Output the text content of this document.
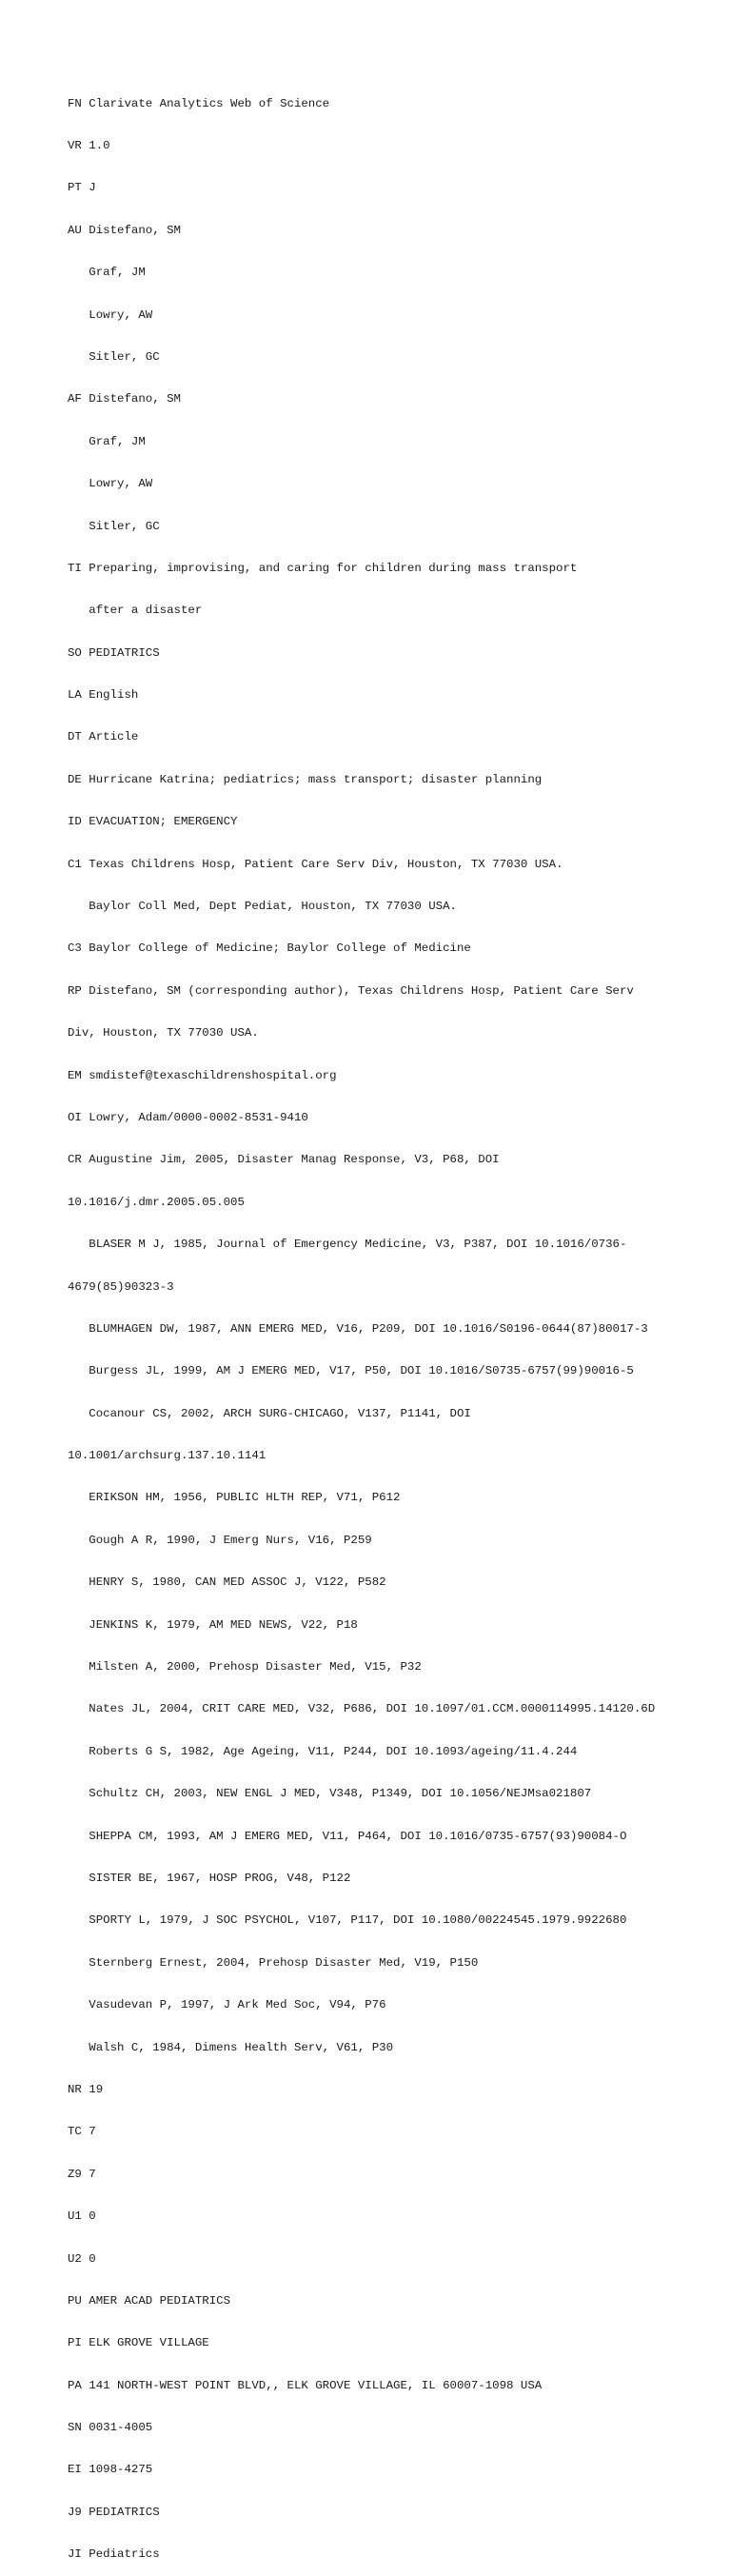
FN Clarivate Analytics Web of Science

VR 1.0

PT J

AU Distefano, SM

Graf, JM

Lowry, AW

Sitler, GC

AF Distefano, SM

Graf, JM

Lowry, AW

Sitler, GC

TI Preparing, improvising, and caring for children during mass transport

after a disaster

SO PEDIATRICS

LA English

DT Article

DE Hurricane Katrina; pediatrics; mass transport; disaster planning

ID EVACUATION; EMERGENCY

C1 Texas Childrens Hosp, Patient Care Serv Div, Houston, TX 77030 USA.

Baylor Coll Med, Dept Pediat, Houston, TX 77030 USA.

C3 Baylor College of Medicine; Baylor College of Medicine

RP Distefano, SM (corresponding author), Texas Childrens Hosp, Patient Care Serv

Div, Houston, TX 77030 USA.

EM smdistef@texaschildrenshospital.org

OI Lowry, Adam/0000-0002-8531-9410

CR Augustine Jim, 2005, Disaster Manag Response, V3, P68, DOI

10.1016/j.dmr.2005.05.005

BLASER M J, 1985, Journal of Emergency Medicine, V3, P387, DOI 10.1016/0736-

4679(85)90323-3

BLUMHAGEN DW, 1987, ANN EMERG MED, V16, P209, DOI 10.1016/S0196-0644(87)80017-3

Burgess JL, 1999, AM J EMERG MED, V17, P50, DOI 10.1016/S0735-6757(99)90016-5

Cocanour CS, 2002, ARCH SURG-CHICAGO, V137, P1141, DOI

10.1001/archsurg.137.10.1141

ERIKSON HM, 1956, PUBLIC HLTH REP, V71, P612

Gough A R, 1990, J Emerg Nurs, V16, P259

HENRY S, 1980, CAN MED ASSOC J, V122, P582

JENKINS K, 1979, AM MED NEWS, V22, P18

Milsten A, 2000, Prehosp Disaster Med, V15, P32

Nates JL, 2004, CRIT CARE MED, V32, P686, DOI 10.1097/01.CCM.0000114995.14120.6D

Roberts G S, 1982, Age Ageing, V11, P244, DOI 10.1093/ageing/11.4.244

Schultz CH, 2003, NEW ENGL J MED, V348, P1349, DOI 10.1056/NEJMsa021807

SHEPPA CM, 1993, AM J EMERG MED, V11, P464, DOI 10.1016/0735-6757(93)90084-O

SISTER BE, 1967, HOSP PROG, V48, P122

SPORTY L, 1979, J SOC PSYCHOL, V107, P117, DOI 10.1080/00224545.1979.9922680

Sternberg Ernest, 2004, Prehosp Disaster Med, V19, P150

Vasudevan P, 1997, J Ark Med Soc, V94, P76

Walsh C, 1984, Dimens Health Serv, V61, P30

NR 19

TC 7

Z9 7

U1 0

U2 0

PU AMER ACAD PEDIATRICS

PI ELK GROVE VILLAGE

PA 141 NORTH-WEST POINT BLVD,, ELK GROVE VILLAGE, IL 60007-1098 USA

SN 0031-4005

EI 1098-4275

J9 PEDIATRICS

JI Pediatrics
